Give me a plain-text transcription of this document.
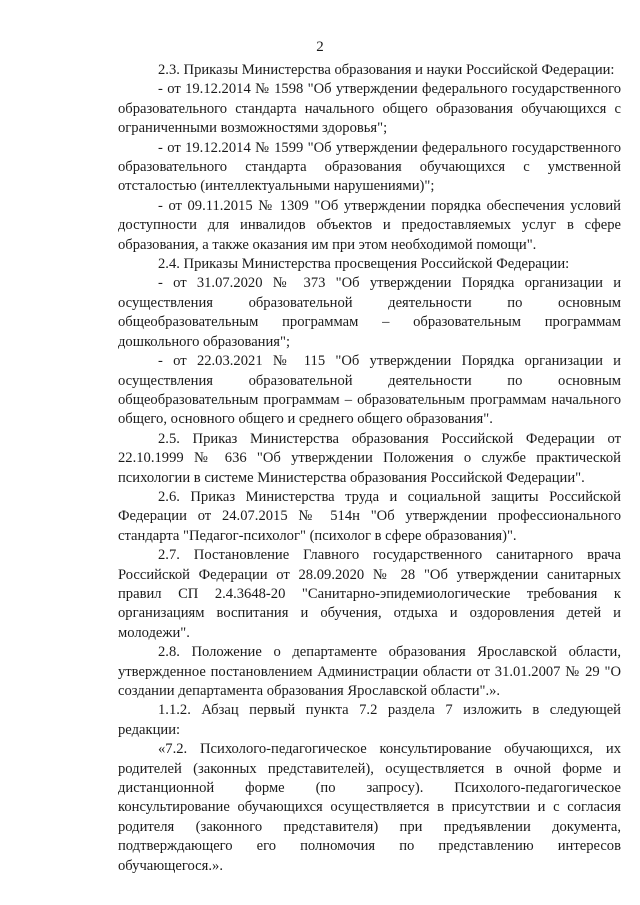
2

2.3. Приказы Министерства образования и науки Российской Федерации:

- от 19.12.2014 № 1598 "Об утверждении федерального государственного образовательного стандарта начального общего образования обучающихся с ограниченными возможностями здоровья";

- от 19.12.2014 № 1599 "Об утверждении федерального государственного образовательного стандарта образования обучающихся с умственной отсталостью (интеллектуальными нарушениями)";

- от 09.11.2015 № 1309 "Об утверждении порядка обеспечения условий доступности для инвалидов объектов и предоставляемых услуг в сфере образования, а также оказания им при этом необходимой помощи".

2.4. Приказы Министерства просвещения Российской Федерации:

- от 31.07.2020 № 373 "Об утверждении Порядка организации и осуществления образовательной деятельности по основным общеобразовательным программам – образовательным программам дошкольного образования";

- от 22.03.2021 № 115 "Об утверждении Порядка организации и осуществления образовательной деятельности по основным общеобразовательным программам – образовательным программам начального общего, основного общего и среднего общего образования".

2.5. Приказ Министерства образования Российской Федерации от 22.10.1999 № 636 "Об утверждении Положения о службе практической психологии в системе Министерства образования Российской Федерации".

2.6. Приказ Министерства труда и социальной защиты Российской Федерации от 24.07.2015 № 514н "Об утверждении профессионального стандарта "Педагог-психолог" (психолог в сфере образования)".

2.7. Постановление Главного государственного санитарного врача Российской Федерации от 28.09.2020 № 28 "Об утверждении санитарных правил СП 2.4.3648-20 "Санитарно-эпидемиологические требования к организациям воспитания и обучения, отдыха и оздоровления детей и молодежи".

2.8. Положение о департаменте образования Ярославской области, утвержденное постановлением Администрации области от 31.01.2007 № 29 "О создании департамента образования Ярославской области".».

1.1.2. Абзац первый пункта 7.2 раздела 7 изложить в следующей редакции:

«7.2. Психолого-педагогическое консультирование обучающихся, их родителей (законных представителей), осуществляется в очной форме и дистанционной форме (по запросу). Психолого-педагогическое консультирование обучающихся осуществляется в присутствии и с согласия родителя (законного представителя) при предъявлении документа, подтверждающего его полномочия по представлению интересов обучающегося.».
